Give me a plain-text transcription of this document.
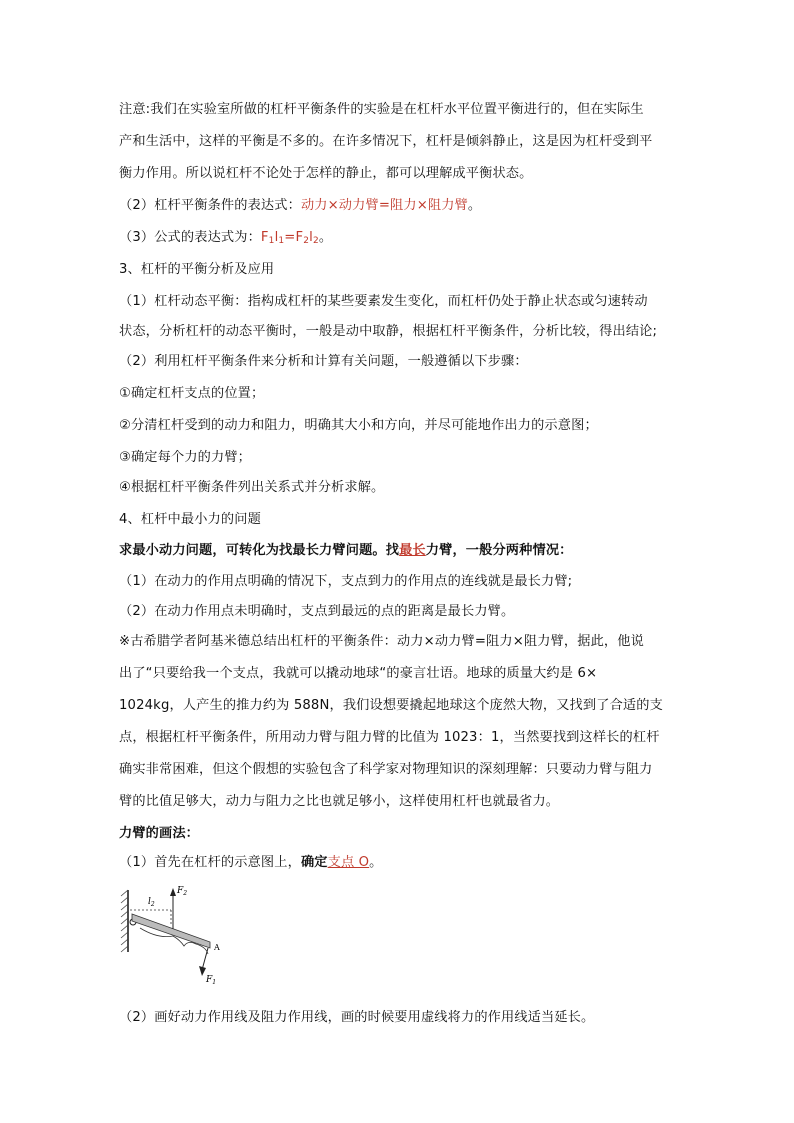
注意:我们在实验室所做的杠杆平衡条件的实验是在杠杆水平位置平衡进行的，但在实际生
产和生活中，这样的平衡是不多的。在许多情况下，杠杆是倾斜静止，这是因为杠杆受到平
衡力作用。所以说杠杆不论处于怎样的静止，都可以理解成平衡状态。
（2）杠杆平衡条件的表达式：动力×动力臂=阻力×阻力臂。
（3）公式的表达式为：$F_1l_1=F_2l_2$。
3、杠杆的平衡分析及应用
（1）杠杆动态平衡：指构成杠杆的某些要素发生变化，而杠杆仍处于静止状态或匀速转动
状态，分析杠杆的动态平衡时，一般是动中取静，根据杠杆平衡条件，分析比较，得出结论;
（2）利用杠杆平衡条件来分析和计算有关问题，一般遵循以下步骤：
①确定杠杆支点的位置；
②分清杠杆受到的动力和阻力，明确其大小和方向，并尽可能地作出力的示意图；
③确定每个力的力臂；
④根据杠杆平衡条件列出关系式并分析求解。
4、杠杆中最小力的问题
求最小动力问题，可转化为找最长力臂问题。找最长力臂，一般分两种情况：
（1）在动力的作用点明确的情况下，支点到力的作用点的连线就是最长力臂;
（2）在动力作用点未明确时，支点到最远的点的距离是最长力臂。
※古希腊学者阿基米德总结出杠杆的平衡条件：动力×动力臂=阻力×阻力臂，据此，他说
出了“只要给我一个支点，我就可以撬动地球“的豪言壮语。地球的质量大约是 6×
1024kg，人产生的推力约为 588N，我们设想要撬起地球这个庞然大物，又找到了合适的支
点，根据杠杆平衡条件，所用动力臂与阻力臂的比值为 1023：1，当然要找到这样长的杠杆
确实非常困难，但这个假想的实验包含了科学家对物理知识的深刻理解：只要动力臂与阻力
臂的比值足够大，动力与阻力之比也就足够小，这样使用杠杆也就最省力。
力臂的画法：
（1）首先在杠杆的示意图上，确定支点 O。
$l_2$
$F_2$
A
$F_1$
（2）画好动力作用线及阻力作用线，画的时候要用虚线将力的作用线适当延长。
